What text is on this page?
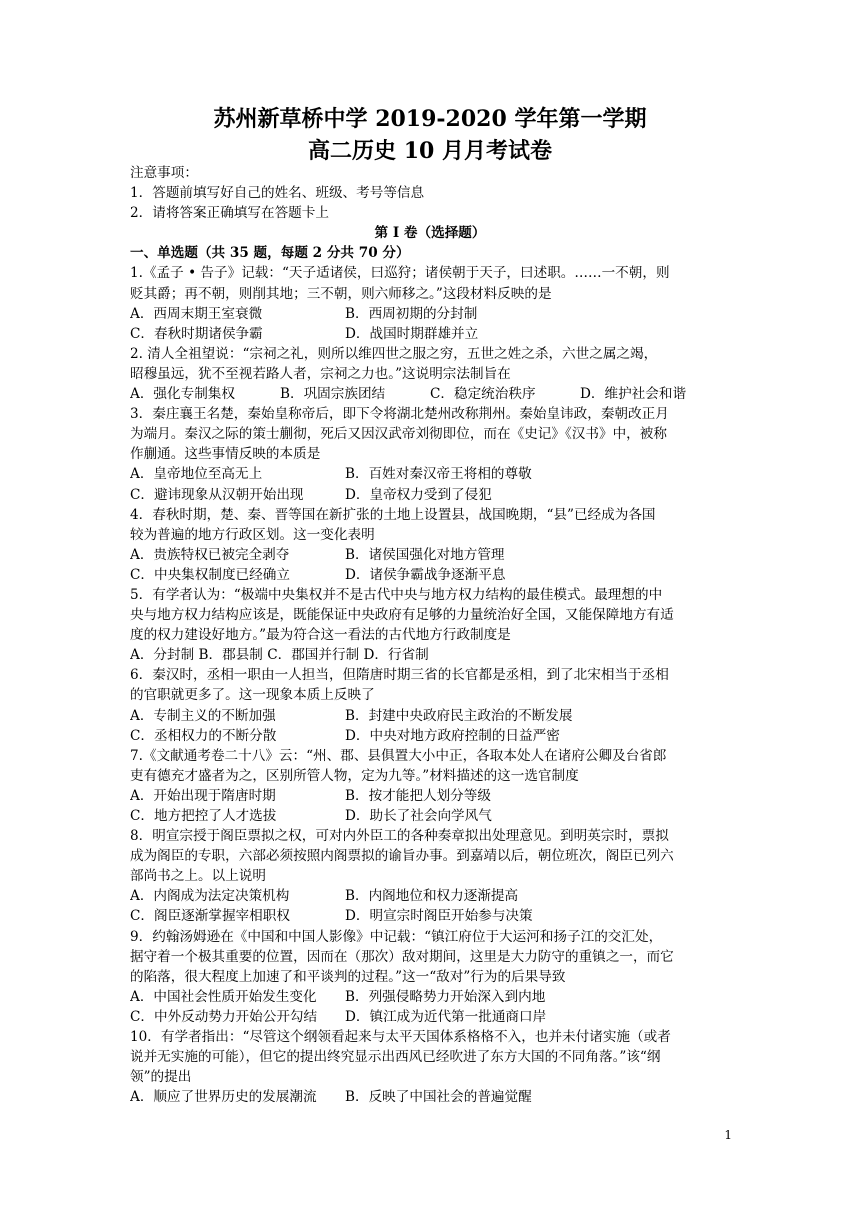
苏州新草桥中学 2019-2020 学年第一学期
高二历史 10 月月考试卷
注意事项：
1．答题前填写好自己的姓名、班级、考号等信息
2．请将答案正确填写在答题卡上
第 I 卷（选择题）
一、单选题（共 35 题，每题 2 分共 70 分）
1.《孟子 • 告子》记载：“天子适诸侯，曰巡狩；诸侯朝于天子，曰述职。……一不朝，则
贬其爵；再不朝，则削其地；三不朝，则六师移之。”这段材料反映的是
A．西周末期王室衰微	B．西周初期的分封制
C．春秋时期诸侯争霸	D．战国时期群雄并立
2. 清人全祖望说：“宗祠之礼，则所以维四世之服之穷，五世之姓之杀，六世之属之竭，
昭穆虽远，犹不至视若路人者，宗祠之力也。”这说明宗法制旨在
A．强化专制集权	B．巩固宗族团结	C．稳定统治秩序	D．维护社会和谐
3．秦庄襄王名楚，秦始皇称帝后，即下令将湖北楚州改称荆州。秦始皇讳政，秦朝改正月
为端月。秦汉之际的策士蒯彻，死后又因汉武帝刘彻即位，而在《史记》《汉书》中，被称
作蒯通。这些事情反映的本质是
A．皇帝地位至高无上	B．百姓对秦汉帝王将相的尊敬
C．避讳现象从汉朝开始出现	D．皇帝权力受到了侵犯
4．春秋时期，楚、秦、晋等国在新扩张的土地上设置县，战国晚期，“县”已经成为各国
较为普遍的地方行政区划。这一变化表明
A．贵族特权已被完全剥夺	B．诸侯国强化对地方管理
C．中央集权制度已经确立	D．诸侯争霸战争逐渐平息
5．有学者认为：“极端中央集权并不是古代中央与地方权力结构的最佳模式。最理想的中
央与地方权力结构应该是，既能保证中央政府有足够的力量统治好全国，又能保障地方有适
度的权力建设好地方。”最为符合这一看法的古代地方行政制度是
A．分封制 B．郡县制 C．郡国并行制 D．行省制
6．秦汉时，丞相一职由一人担当，但隋唐时期三省的长官都是丞相，到了北宋相当于丞相
的官职就更多了。这一现象本质上反映了
A．专制主义的不断加强	B．封建中央政府民主政治的不断发展
C．丞相权力的不断分散	D．中央对地方政府控制的日益严密
7.《文献通考卷二十八》云：“州、郡、县俱置大小中正，各取本处人在诸府公卿及台省郎
吏有德充才盛者为之，区别所管人物，定为九等。”材料描述的这一选官制度
A．开始出现于隋唐时期	B．按才能把人划分等级
C．地方把控了人才选拔	D．助长了社会向学风气
8．明宣宗授于阁臣票拟之权，可对内外臣工的各种奏章拟出处理意见。到明英宗时，票拟
成为阁臣的专职，六部必须按照内阁票拟的谕旨办事。到嘉靖以后，朝位班次，阁臣已列六
部尚书之上。以上说明
A．内阁成为法定决策机构	B．内阁地位和权力逐渐提高
C．阁臣逐渐掌握宰相职权	D．明宣宗时阁臣开始参与决策
9．约翰汤姆逊在《中国和中国人影像》中记载：“镇江府位于大运河和扬子江的交汇处，
据守着一个极其重要的位置，因而在（那次）敌对期间，这里是大力防守的重镇之一，而它
的陷落，很大程度上加速了和平谈判的过程。”这一“敌对”行为的后果导致
A．中国社会性质开始发生变化 B．列强侵略势力开始深入到内地
C．中外反动势力开始公开勾结 D．镇江成为近代第一批通商口岸
10．有学者指出：“尽管这个纲领看起来与太平天国体系格格不入，也并未付诸实施（或者
说并无实施的可能），但它的提出终究显示出西风已经吹进了东方大国的不同角落。”该“纲
领”的提出
A．顺应了世界历史的发展潮流 B．反映了中国社会的普遍觉醒
1
